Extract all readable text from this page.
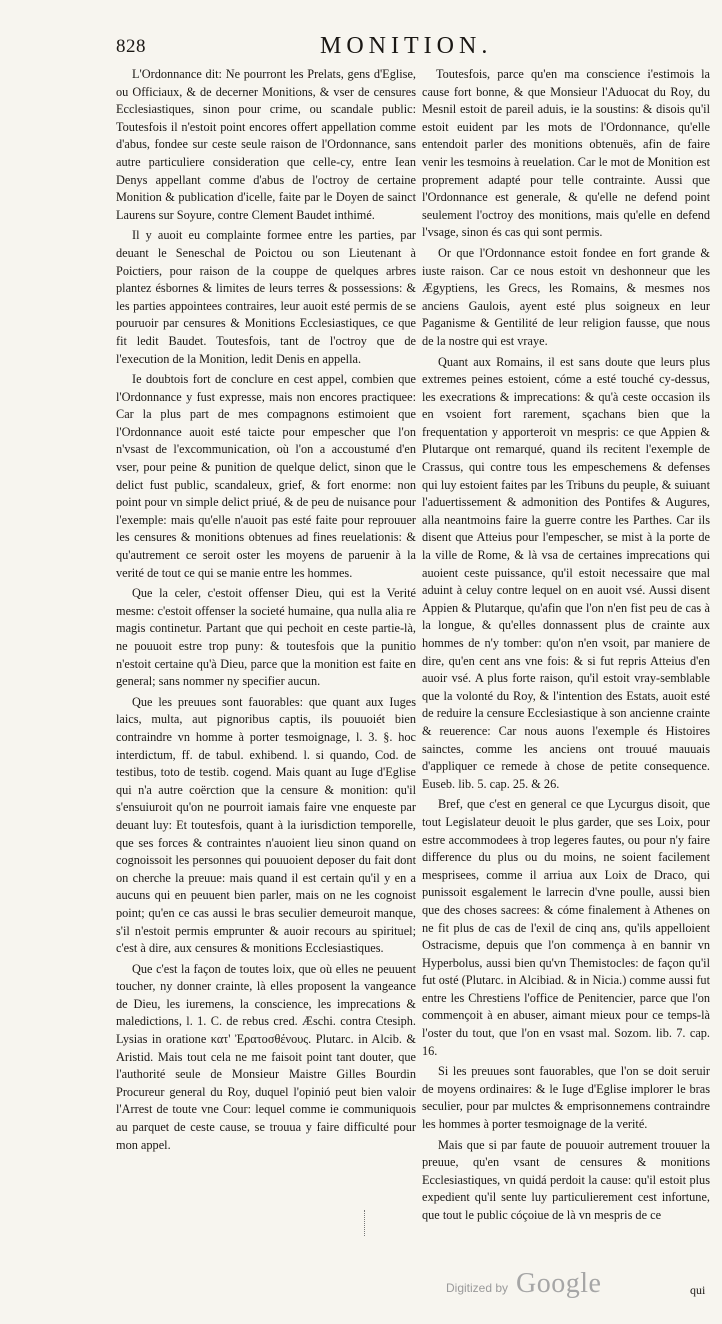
828	MONITION.

L'Ordonnance dit: Ne pourront les Prelats, gens d'Eglise, ou Officiaux, & de decerner Monitions, & vser de censures Ecclesiastiques, sinon pour crime, ou scandale public: Toutesfois il n'estoit point encores offert appellation comme d'abus, fondee sur ceste seule raison de l'Ordonnance, sans autre particuliere consideration que celle-cy, entre Iean Denys appellant comme d'abus de l'octroy de certaine Monition & publication d'icelle, faite par le Doyen de sainct Laurens sur Soyure, contre Clement Baudet inthimé.

Il y auoit eu complainte formee entre les parties, par deuant le Seneschal de Poictou ou son Lieutenant à Poictiers, pour raison de la couppe de quelques arbres plantez ésbornes & limites de leurs terres & possessions: & les parties appointees contraires, leur auoit esté permis de se pouruoir par censures & Monitions Ecclesiastiques, ce que fit ledit Baudet. Toutesfois, tant de l'octroy que de l'execution de la Monition, ledit Denis en appella.

Ie doubtois fort de conclure en cest appel, combien que l'Ordonnance y fust expresse, mais non encores practiquee: Car la plus part de mes compagnons estimoient que l'Ordonnance auoit esté taicte pour empescher que l'on n'vsast de l'excommunication, où l'on a accoustumé d'en vser, pour peine & punition de quelque delict, sinon que le delict fust public, scandaleux, grief, & fort enorme: non point pour vn simple delict priué, & de peu de nuisance pour l'exemple: mais qu'elle n'auoit pas esté faite pour reprouuer les censures & monitions obtenues ad fines reuelationis: & qu'autrement ce seroit oster les moyens de paruenir à la verité de tout ce qui se manie entre les hommes.

Que la celer, c'estoit offenser Dieu, qui est la Verité mesme: c'estoit offenser la societé humaine, qua nulla alia re magis continetur. Partant que qui pechoit en ceste partie-là, ne pouuoit estre trop puny: & toutesfois que la punitio n'estoit certaine qu'à Dieu, parce que la monition est faite en general; sans nommer ny specifier aucun.

Que les preuues sont fauorables: que quant aux Iuges laics, multa, aut pignoribus captis, ils pouuoiét bien contraindre vn homme à porter tesmoignage, l. 3. §. hoc interdictum, ff. de tabul. exhibend. l. si quando, Cod. de testibus, toto de testib. cogend. Mais quant au Iuge d'Eglise qui n'a autre coërction que la censure & monition: qu'il s'ensuiuroit qu'on ne pourroit iamais faire vne enqueste par deuant luy: Et toutesfois, quant à la iurisdiction temporelle, que ses forces & contraintes n'auoient lieu sinon quand on cognoissoit les personnes qui pouuoient deposer du fait dont on cherche la preuue: mais quand il est certain qu'il y en a aucuns qui en peuuent bien parler, mais on ne les cognoist point; qu'en ce cas aussi le bras seculier demeuroit manque, s'il n'estoit permis emprunter & auoir recours au spirituel; c'est à dire, aux censures & monitions Ecclesiastiques.

Que c'est la façon de toutes loix, que où elles ne peuuent toucher, ny donner crainte, là elles proposent la vangeance de Dieu, les iuremens, la conscience, les imprecations & maledictions, l. 1. C. de rebus cred. Æschi. contra Ctesiph. Lysias in oratione κατ' Ἐρατοσθένους. Plutarc. in Alcib. & Aristid. Mais tout cela ne me faisoit point tant douter, que l'authorité seule de Monsieur Maistre Gilles Bourdin Procureur general du Roy, duquel l'opinió peut bien valoir l'Arrest de toute vne Cour: lequel comme ie communiquois au parquet de ceste cause, se trouua y faire difficulté pour mon appel.

Toutesfois, parce qu'en ma conscience i'estimois la cause fort bonne, & que Monsieur l'Aduocat du Roy, du Mesnil estoit de pareil aduis, ie la soustins: & disois qu'il estoit euident par les mots de l'Ordonnance, qu'elle entendoit parler des monitions obtenuës, afin de faire venir les tesmoins à reuelation. Car le mot de Monition est proprement adapté pour telle contrainte. Aussi que l'Ordonnance est generale, & qu'elle ne defend point seulement l'octroy des monitions, mais qu'elle en defend l'vsage, sinon és cas qui sont permis.

Or que l'Ordonnance estoit fondee en fort grande & iuste raison. Car ce nous estoit vn deshonneur que les Ægyptiens, les Grecs, les Romains, & mesmes nos anciens Gaulois, ayent esté plus soigneux en leur Paganisme & Gentilité de leur religion fausse, que nous de la nostre qui est vraye.

Quant aux Romains, il est sans doute que leurs plus extremes peines estoient, cóme a esté touché cy-dessus, les execrations & imprecations: & qu'à ceste occasion ils en vsoient fort rarement, sçachans bien que la frequentation y apporteroit vn mespris: ce que Appien & Plutarque ont remarqué, quand ils recitent l'exemple de Crassus, qui contre tous les empeschemens & defenses qui luy estoient faites par les Tribuns du peuple, & suiuant l'aduertissement & admonition des Pontifes & Augures, alla neantmoins faire la guerre contre les Parthes. Car ils disent que Atteius pour l'empescher, se mist à la porte de la ville de Rome, & là vsa de certaines imprecations qui auoient ceste puissance, qu'il estoit necessaire que mal aduint à celuy contre lequel on en auoit vsé. Aussi disent Appien & Plutarque, qu'afin que l'on n'en fist peu de cas à la longue, & qu'elles donnassent plus de crainte aux hommes de n'y tomber: qu'on n'en vsoit, par maniere de dire, qu'en cent ans vne fois: & si fut repris Atteius d'en auoir vsé. A plus forte raison, qu'il estoit vray-semblable que la volonté du Roy, & l'intention des Estats, auoit esté de reduire la censure Ecclesiastique à son ancienne crainte & reuerence: Car nous auons l'exemple és Histoires sainctes, comme les anciens ont trouué mauuais d'appliquer ce remede à chose de petite consequence. Euseb. lib. 5. cap. 25. & 26.

Bref, que c'est en general ce que Lycurgus disoit, que tout Legislateur deuoit le plus garder, que ses Loix, pour estre accommodees à trop legeres fautes, ou pour n'y faire difference du plus ou du moins, ne soient facilement mesprisees, comme il arriua aux Loix de Draco, qui punissoit esgalement le larrecin d'vne poulle, aussi bien que des choses sacrees: & cóme finalement à Athenes on ne fit plus de cas de l'exil de cinq ans, qu'ils appelloient Ostracisme, depuis que l'on commença à en bannir vn Hyperbolus, aussi bien qu'vn Themistocles: de façon qu'il fut osté (Plutarc. in Alcibiad. & in Nicia.) comme aussi fut entre les Chrestiens l'office de Penitencier, parce que l'on commençoit à en abuser, aimant mieux pour ce temps-là l'oster du tout, que l'on en vsast mal. Sozom. lib. 7. cap. 16.

Si les preuues sont fauorables, que l'on se doit seruir de moyens ordinaires: & le Iuge d'Eglise implorer le bras seculier, pour par mulctes & emprisonnemens contraindre les hommes à porter tesmoignage de la verité.

Mais que si par faute de pouuoir autrement trouuer la preuue, qu'en vsant de censures & monitions Ecclesiastiques, vn quidá perdoit la cause: qu'il estoit plus expedient qu'il sente luy particulierement cest infortune, que tout le public cóçoiue de là vn mespris de ce

qui
Digitized by Google
